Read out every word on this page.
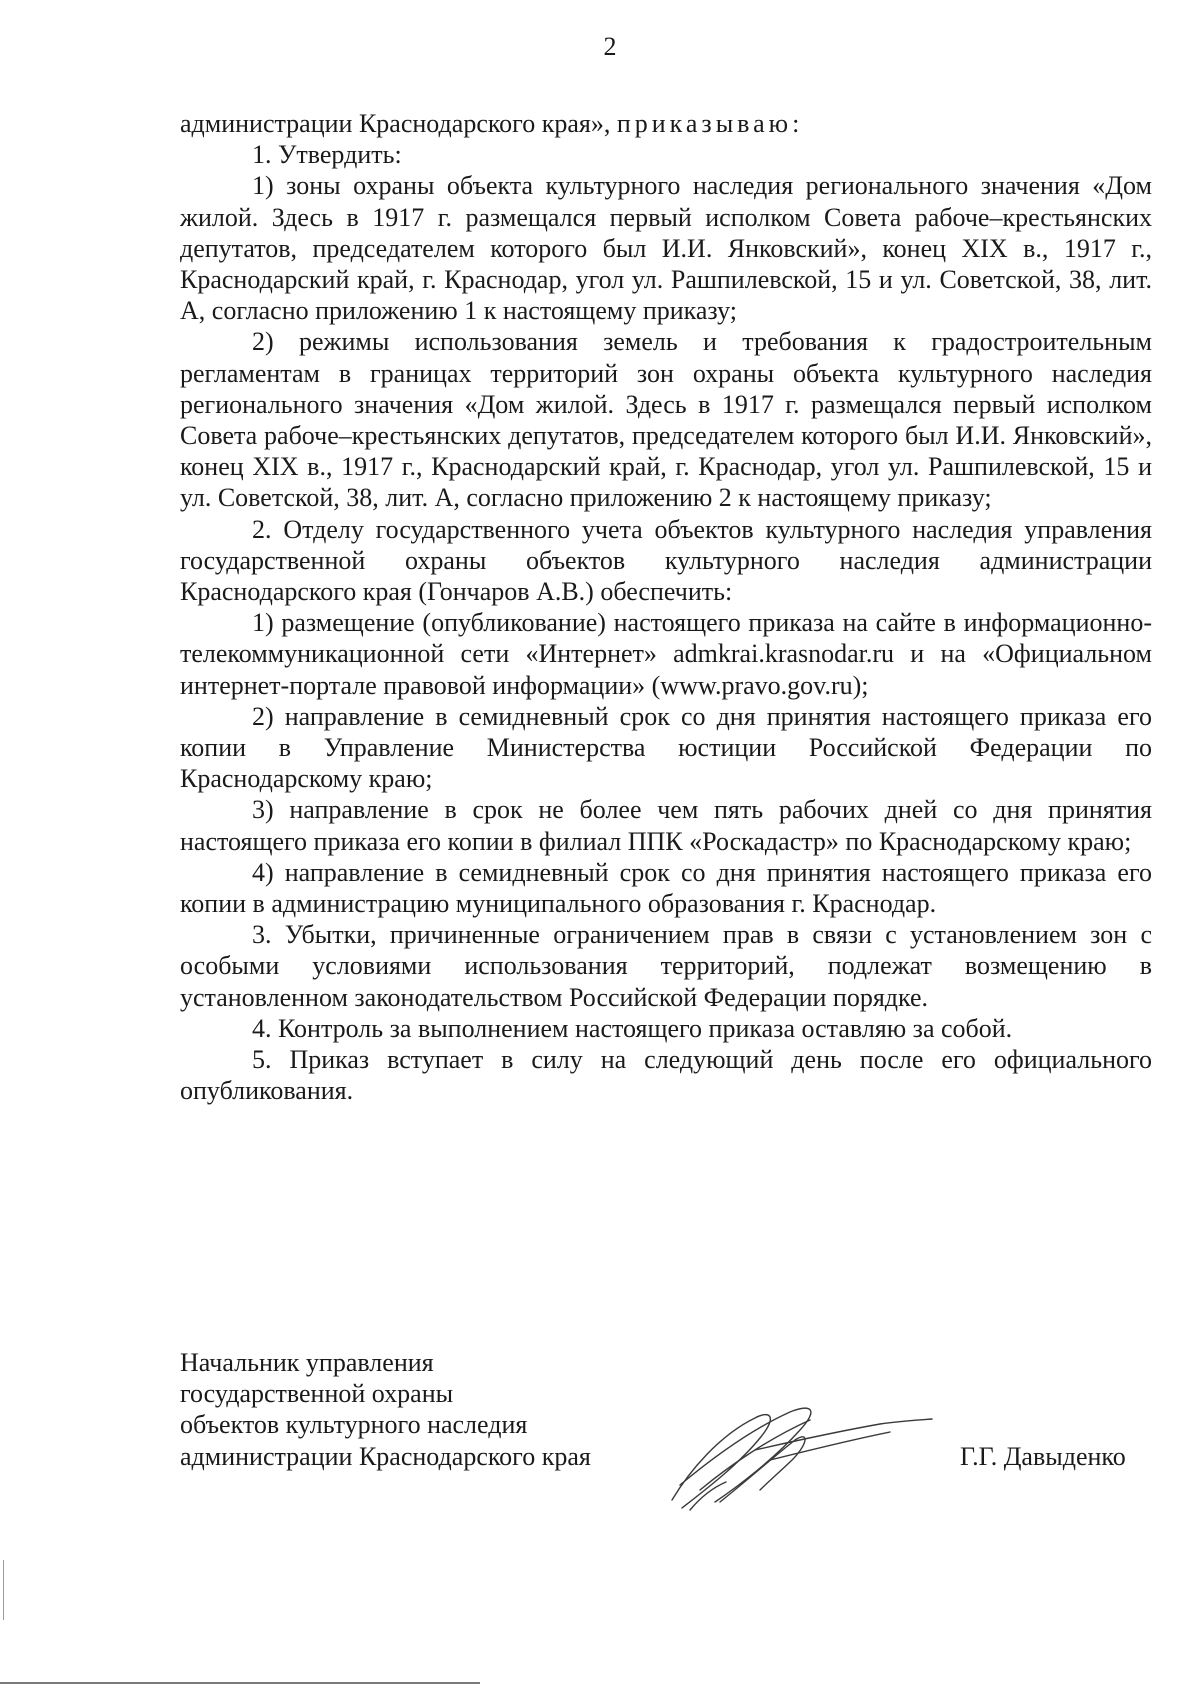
2

администрации Краснодарского края», приказываю:

1. Утвердить:

1) зоны охраны объекта культурного наследия регионального значения «Дом жилой. Здесь в 1917 г. размещался первый исполком Совета рабоче–крестьянских депутатов, председателем которого был И.И. Янковский», конец XIX в., 1917 г., Краснодарский край, г. Краснодар, угол ул. Рашпилевской, 15 и ул. Советской, 38, лит. А, согласно приложению 1 к настоящему приказу;

2) режимы использования земель и требования к градостроительным регламентам в границах территорий зон охраны объекта культурного наследия регионального значения «Дом жилой. Здесь в 1917 г. размещался первый исполком Совета рабоче–крестьянских депутатов, председателем которого был И.И. Янковский», конец XIX в., 1917 г., Краснодарский край, г. Краснодар, угол ул. Рашпилевской, 15 и ул. Советской, 38, лит. А, согласно приложению 2 к настоящему приказу;

2. Отделу государственного учета объектов культурного наследия управления государственной охраны объектов культурного наследия администрации Краснодарского края (Гончаров А.В.) обеспечить:

1) размещение (опубликование) настоящего приказа на сайте в информационно-телекоммуникационной сети «Интернет» admkrai.krasnodar.ru и на «Официальном интернет-портале правовой информации» (www.pravo.gov.ru);

2) направление в семидневный срок со дня принятия настоящего приказа его копии в Управление Министерства юстиции Российской Федерации по Краснодарскому краю;

3) направление в срок не более чем пять рабочих дней со дня принятия настоящего приказа его копии в филиал ППК «Роскадастр» по Краснодарскому краю;

4) направление в семидневный срок со дня принятия настоящего приказа его копии в администрацию муниципального образования г. Краснодар.

3. Убытки, причиненные ограничением прав в связи с установлением зон с особыми условиями использования территорий, подлежат возмещению в установленном законодательством Российской Федерации порядке.

4. Контроль за выполнением настоящего приказа оставляю за собой.

5. Приказ вступает в силу на следующий день после его официального опубликования.

Начальник управления
государственной охраны
объектов культурного наследия
администрации Краснодарского края	Г.Г. Давыденко
